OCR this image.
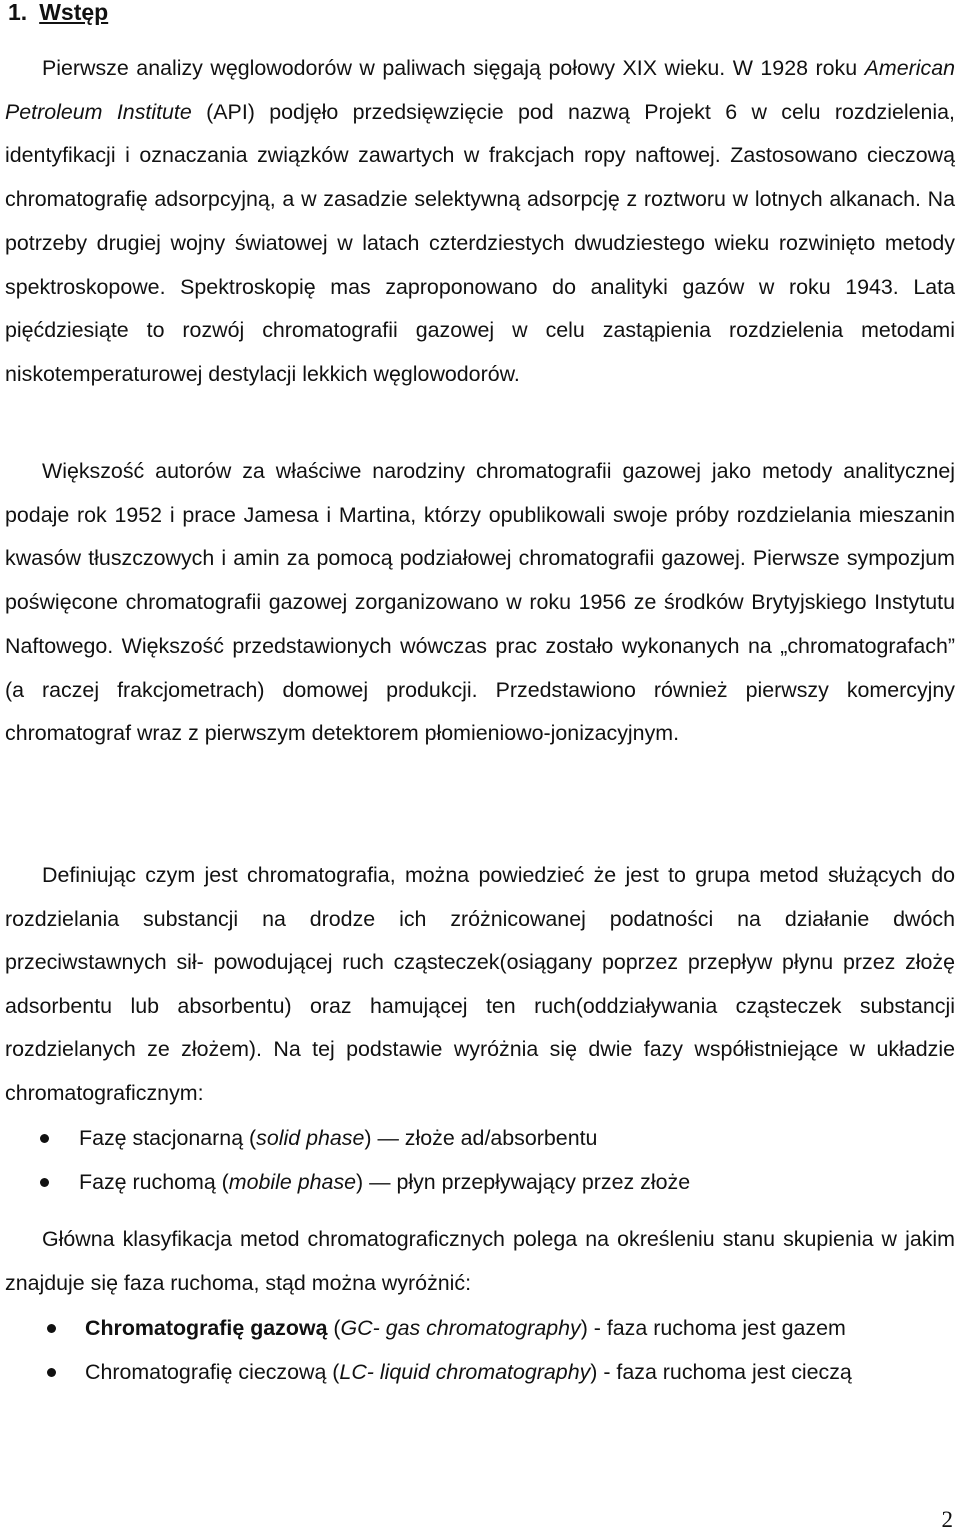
1. Wstęp

Pierwsze analizy węglowodorów w paliwach sięgają połowy XIX wieku. W 1928 roku American Petroleum Institute (API) podjęło przedsięwzięcie pod nazwą Projekt 6 w celu rozdzielenia, identyfikacji i oznaczania związków zawartych w frakcjach ropy naftowej. Zastosowano cieczową chromatografię adsorpcyjną, a w zasadzie selektywną adsorpcję z roztworu w lotnych alkanach. Na potrzeby drugiej wojny światowej w latach czterdziestych dwudziestego wieku rozwinięto metody spektroskopowe. Spektroskopię mas zaproponowano do analityki gazów w roku 1943. Lata pięćdziesiąte to rozwój chromatografii gazowej w celu zastąpienia rozdzielenia metodami niskotemperaturowej destylacji lekkich węglowodorów.

Większość autorów za właściwe narodziny chromatografii gazowej jako metody analitycznej podaje rok 1952 i prace Jamesa i Martina, którzy opublikowali swoje próby rozdzielania mieszanin kwasów tłuszczowych i amin za pomocą podziałowej chromatografii gazowej. Pierwsze sympozjum poświęcone chromatografii gazowej zorganizowano w roku 1956 ze środków Brytyjskiego Instytutu Naftowego. Większość przedstawionych wówczas prac zostało wykonanych na „chromatografach” (a raczej frakcjometrach) domowej produkcji. Przedstawiono również pierwszy komercyjny chromatograf wraz z pierwszym detektorem płomieniowo-jonizacyjnym.

Definiując czym jest chromatografia, można powiedzieć że jest to grupa metod służących do rozdzielania substancji na drodze ich zróżnicowanej podatności na działanie dwóch przeciwstawnych sił- powodującej ruch cząsteczek(osiągany poprzez przepływ płynu przez złożę adsorbentu lub absorbentu) oraz hamującej ten ruch(oddziaływania cząsteczek substancji rozdzielanych ze złożem). Na tej podstawie wyróżnia się dwie fazy współistniejące w układzie chromatograficznym:

Fazę stacjonarną (solid phase) — złoże ad/absorbentu
Fazę ruchomą (mobile phase) — płyn przepływający przez złoże

Główna klasyfikacja metod chromatograficznych polega na określeniu stanu skupienia w jakim znajduje się faza ruchoma, stąd można wyróżnić:

Chromatografię gazową (GC- gas chromatography) - faza ruchoma jest gazem
Chromatografię cieczową (LC- liquid chromatography) - faza ruchoma jest cieczą
2
